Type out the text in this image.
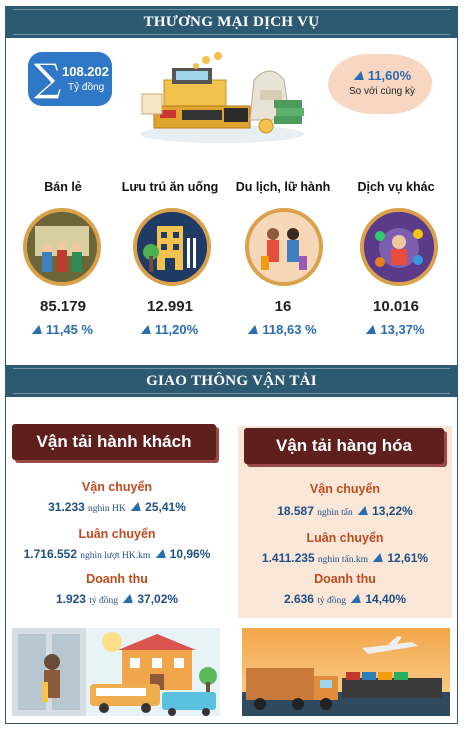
THƯƠNG MẠI DỊCH VỤ
∑ 108.202
Tỷ đồng
11,60%
So với cùng kỳ
Bán lẻ	Lưu trú ăn uống	Du lịch, lữ hành	Dịch vụ khác
85.179	12.991	16	10.016
11,45 %	11,20%	118,63 %	13,37%
GIAO THÔNG VẬN TẢI
Vận tải hành khách
Vận chuyển
31.233 nghìn HK 25,41%
Luân chuyển
1.716.552 nghìn lượt HK.km 10,96%
Doanh thu
1.923 tỷ đồng 37,02%
Vận tải hàng hóa
Vận chuyển
18.587 nghìn tấn 13,22%
Luân chuyển
1.411.235 nghìn tấn.km 12,61%
Doanh thu
2.636 tỷ đồng 14,40%
